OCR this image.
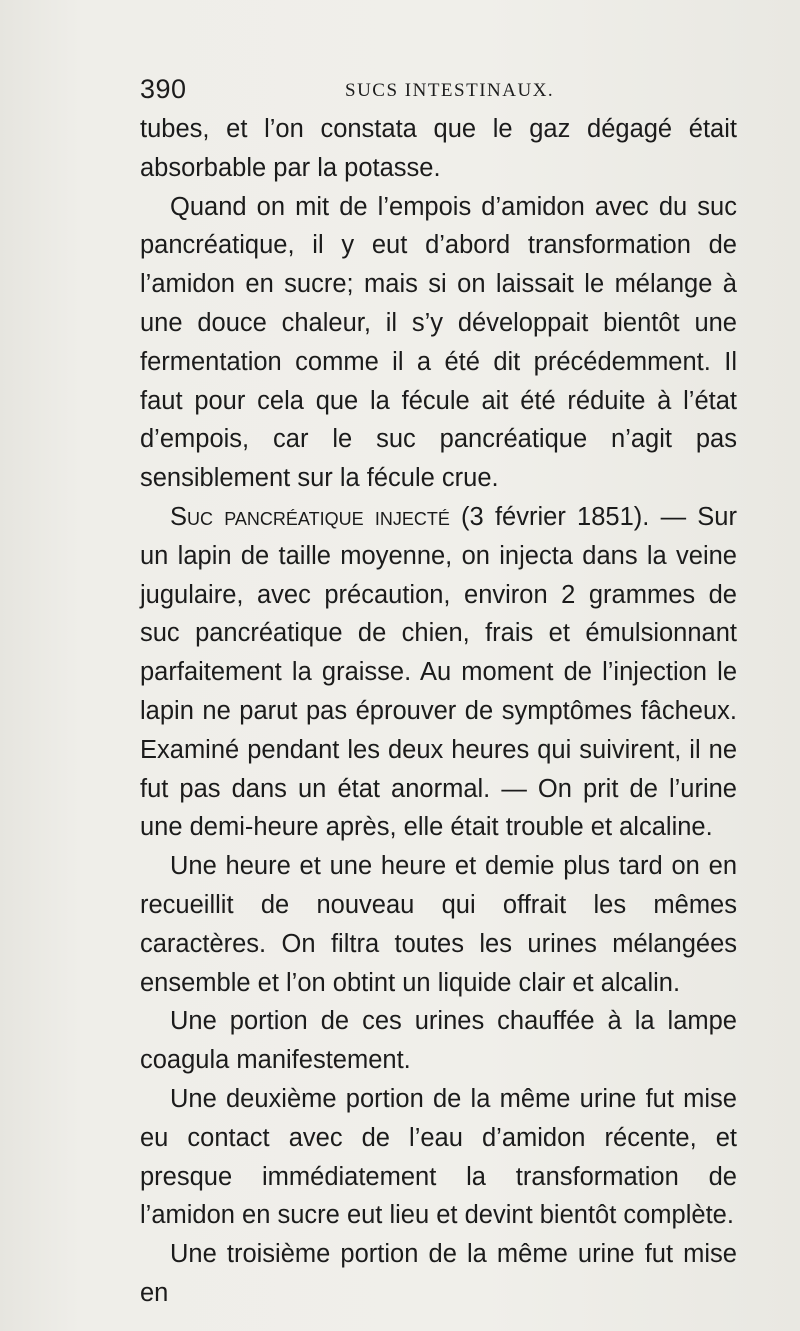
390	SUCS INTESTINAUX.

tubes, et l’on constata que le gaz dégagé était absorbable par la potasse.

Quand on mit de l’empois d’amidon avec du suc pancréatique, il y eut d’abord transformation de l’amidon en sucre; mais si on laissait le mélange à une douce chaleur, il s’y développait bientôt une fermentation comme il a été dit précédemment. Il faut pour cela que la fécule ait été réduite à l’état d’empois, car le suc pancréatique n’agit pas sensiblement sur la fécule crue.

Suc pancréatique injecté (3 février 1851). — Sur un lapin de taille moyenne, on injecta dans la veine jugulaire, avec précaution, environ 2 grammes de suc pancréatique de chien, frais et émulsionnant parfaitement la graisse. Au moment de l’injection le lapin ne parut pas éprouver de symptômes fâcheux. Examiné pendant les deux heures qui suivirent, il ne fut pas dans un état anormal. — On prit de l’urine une demi-heure après, elle était trouble et alcaline.

Une heure et une heure et demie plus tard on en recueillit de nouveau qui offrait les mêmes caractères. On filtra toutes les urines mélangées ensemble et l’on obtint un liquide clair et alcalin.

Une portion de ces urines chauffée à la lampe coagula manifestement.

Une deuxième portion de la même urine fut mise eu contact avec de l’eau d’amidon récente, et presque immédiatement la transformation de l’amidon en sucre eut lieu et devint bientôt complète.

Une troisième portion de la même urine fut mise en
